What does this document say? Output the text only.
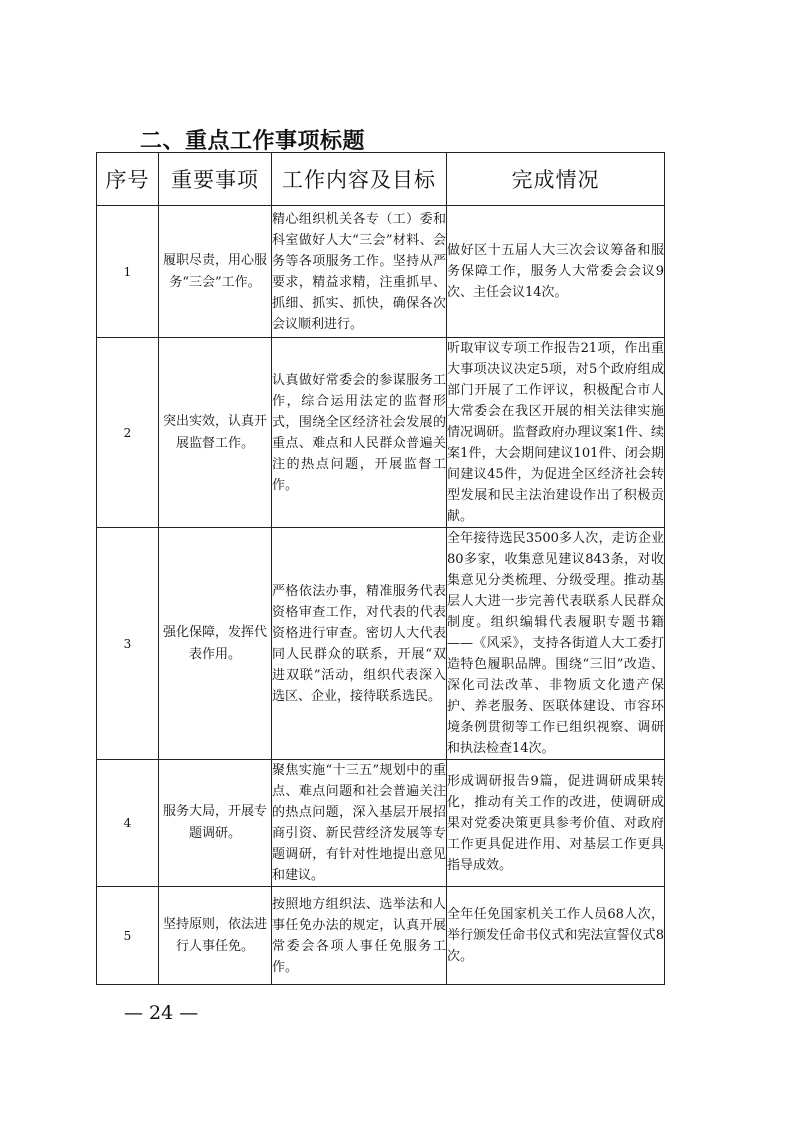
二、重点工作事项标题
序号	重要事项	工作内容及目标	完成情况
1	履职尽责，用心服务“三会”工作。	精心组织机关各专（工）委和科室做好人大“三会”材料、会务等各项服务工作。坚持从严要求，精益求精，注重抓早、抓细、抓实、抓快，确保各次会议顺利进行。	做好区十五届人大三次会议筹备和服务保障工作，服务人大常委会会议9次、主任会议14次。
2	突出实效，认真开展监督工作。	认真做好常委会的参谋服务工作，综合运用法定的监督形式，围绕全区经济社会发展的重点、难点和人民群众普遍关注的热点问题，开展监督工作。	听取审议专项工作报告21项，作出重大事项决议决定5项，对5个政府组成部门开展了工作评议，积极配合市人大常委会在我区开展的相关法律实施情况调研。监督政府办理议案1件、续案1件，大会期间建议101件、闭会期间建议45件，为促进全区经济社会转型发展和民主法治建设作出了积极贡献。
3	强化保障，发挥代表作用。	严格依法办事，精准服务代表资格审查工作，对代表的代表资格进行审查。密切人大代表同人民群众的联系，开展“双进双联”活动，组织代表深入选区、企业，接待联系选民。	全年接待选民3500多人次，走访企业80多家，收集意见建议843条，对收集意见分类梳理、分级受理。推动基层人大进一步完善代表联系人民群众制度。组织编辑代表履职专题书籍——《风采》，支持各街道人大工委打造特色履职品牌。围绕“三旧”改造、深化司法改革、非物质文化遗产保护、养老服务、医联体建设、市容环境条例贯彻等工作已组织视察、调研和执法检查14次。
4	服务大局，开展专题调研。	聚焦实施“十三五”规划中的重点、难点问题和社会普遍关注的热点问题，深入基层开展招商引资、新民营经济发展等专题调研，有针对性地提出意见和建议。	形成调研报告9篇，促进调研成果转化，推动有关工作的改进，使调研成果对党委决策更具参考价值、对政府工作更具促进作用、对基层工作更具指导成效。
5	坚持原则，依法进行人事任免。	按照地方组织法、选举法和人事任免办法的规定，认真开展常委会各项人事任免服务工作。	全年任免国家机关工作人员68人次，举行颁发任命书仪式和宪法宣誓仪式8次。

— 24 —
